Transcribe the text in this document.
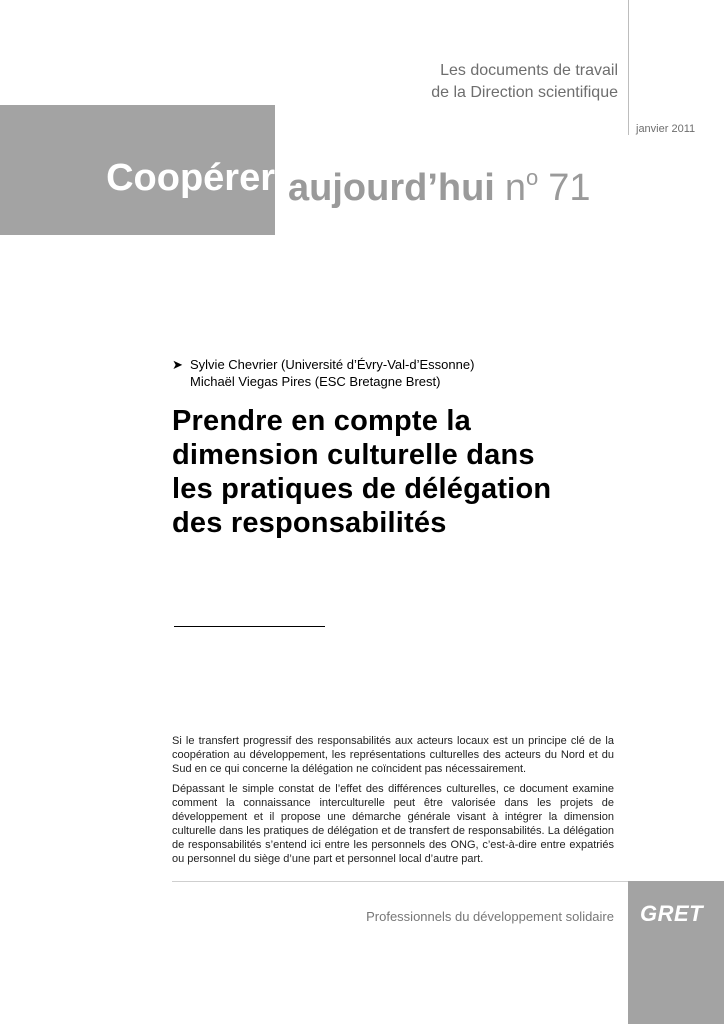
Les documents de travail
de la Direction scientifique
janvier 2011
Coopérer aujourd’hui $n^o$ 71
➤ Sylvie Chevrier (Université d’Évry-Val-d’Essonne)
Michaël Viegas Pires (ESC Bretagne Brest)
Prendre en compte la
dimension culturelle dans
les pratiques de délégation
des responsabilités

Si le transfert progressif des responsabilités aux acteurs locaux est un principe clé de la coopération au développement, les représentations culturelles des acteurs du Nord et du Sud en ce qui concerne la délégation ne coïncident pas nécessairement.

Dépassant le simple constat de l’effet des différences culturelles, ce document examine comment la connaissance interculturelle peut être valorisée dans les projets de développement et il propose une démarche générale visant à intégrer la dimension culturelle dans les pratiques de délégation et de transfert de responsabilités. La délégation de responsabilités s’entend ici entre les personnels des ONG, c’est-à-dire entre expatriés ou personnel du siège d’une part et personnel local d’autre part.

Professionnels du développement solidaire GRET
